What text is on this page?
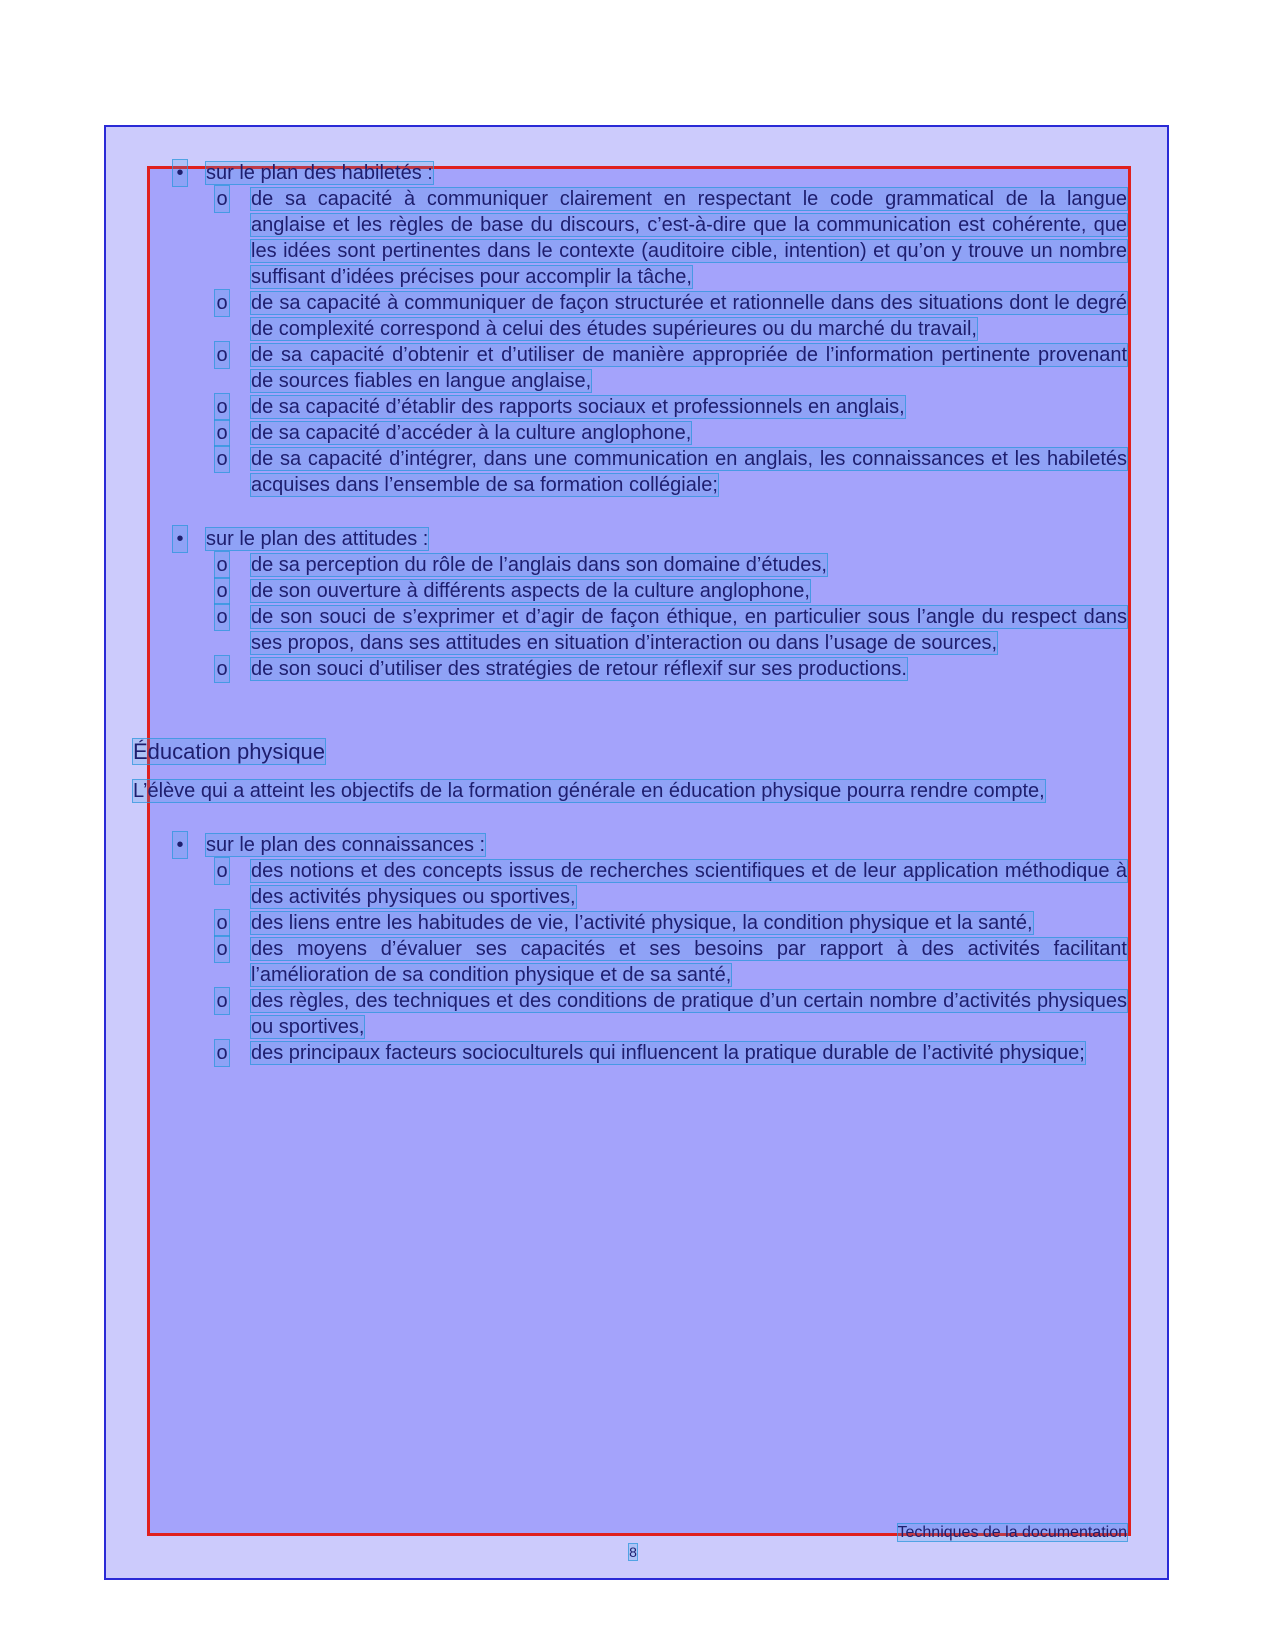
• sur le plan des habiletés :

o de sa capacité à communiquer clairement en respectant le code grammatical de la langue anglaise et les règles de base du discours, c’est-à-dire que la communication est cohérente, que les idées sont pertinentes dans le contexte (auditoire cible, intention) et qu’on y trouve un nombre suffisant d’idées précises pour accomplir la tâche,

o de sa capacité à communiquer de façon structurée et rationnelle dans des situations dont le degré de complexité correspond à celui des études supérieures ou du marché du travail,

o de sa capacité d’obtenir et d’utiliser de manière appropriée de l’information pertinente provenant de sources fiables en langue anglaise,

o de sa capacité d’établir des rapports sociaux et professionnels en anglais,

o de sa capacité d’accéder à la culture anglophone,

o de sa capacité d’intégrer, dans une communication en anglais, les connaissances et les habiletés acquises dans l’ensemble de sa formation collégiale;

• sur le plan des attitudes :

o de sa perception du rôle de l’anglais dans son domaine d’études,

o de son ouverture à différents aspects de la culture anglophone,

o de son souci de s’exprimer et d’agir de façon éthique, en particulier sous l’angle du respect dans ses propos, dans ses attitudes en situation d’interaction ou dans l’usage de sources,

o de son souci d’utiliser des stratégies de retour réflexif sur ses productions.

Éducation physique

L’élève qui a atteint les objectifs de la formation générale en éducation physique pourra rendre compte,

• sur le plan des connaissances :

o des notions et des concepts issus de recherches scientifiques et de leur application méthodique à des activités physiques ou sportives,

o des liens entre les habitudes de vie, l’activité physique, la condition physique et la santé,

o des moyens d’évaluer ses capacités et ses besoins par rapport à des activités facilitant l’amélioration de sa condition physique et de sa santé,

o des règles, des techniques et des conditions de pratique d’un certain nombre d’activités physiques ou sportives,

o des principaux facteurs socioculturels qui influencent la pratique durable de l’activité physique;

Techniques de la documentation
8
